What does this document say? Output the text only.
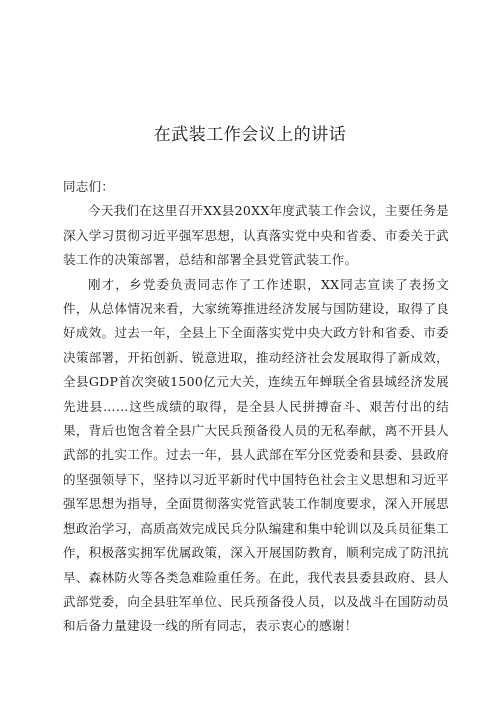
在武装工作会议上的讲话

同志们：

今天我们在这里召开XX县20XX年度武装工作会议，主要任务是深入学习贯彻习近平强军思想，认真落实党中央和省委、市委关于武装工作的决策部署，总结和部署全县党管武装工作。

刚才，乡党委负责同志作了工作述职，XX同志宣读了表扬文件，从总体情况来看，大家统筹推进经济发展与国防建设，取得了良好成效。过去一年，全县上下全面落实党中央大政方针和省委、市委决策部署，开拓创新、锐意进取，推动经济社会发展取得了新成效，全县GDP首次突破1500亿元大关，连续五年蝉联全省县域经济发展先进县……这些成绩的取得，是全县人民拼搏奋斗、艰苦付出的结果，背后也饱含着全县广大民兵预备役人员的无私奉献，离不开县人武部的扎实工作。过去一年，县人武部在军分区党委和县委、县政府的坚强领导下，坚持以习近平新时代中国特色社会主义思想和习近平强军思想为指导，全面贯彻落实党管武装工作制度要求，深入开展思想政治学习，高质高效完成民兵分队编建和集中轮训以及兵员征集工作，积极落实拥军优属政策，深入开展国防教育，顺利完成了防汛抗旱、森林防火等各类急难险重任务。在此，我代表县委县政府、县人武部党委，向全县驻军单位、民兵预备役人员，以及战斗在国防动员和后备力量建设一线的所有同志，表示衷心的感谢！
